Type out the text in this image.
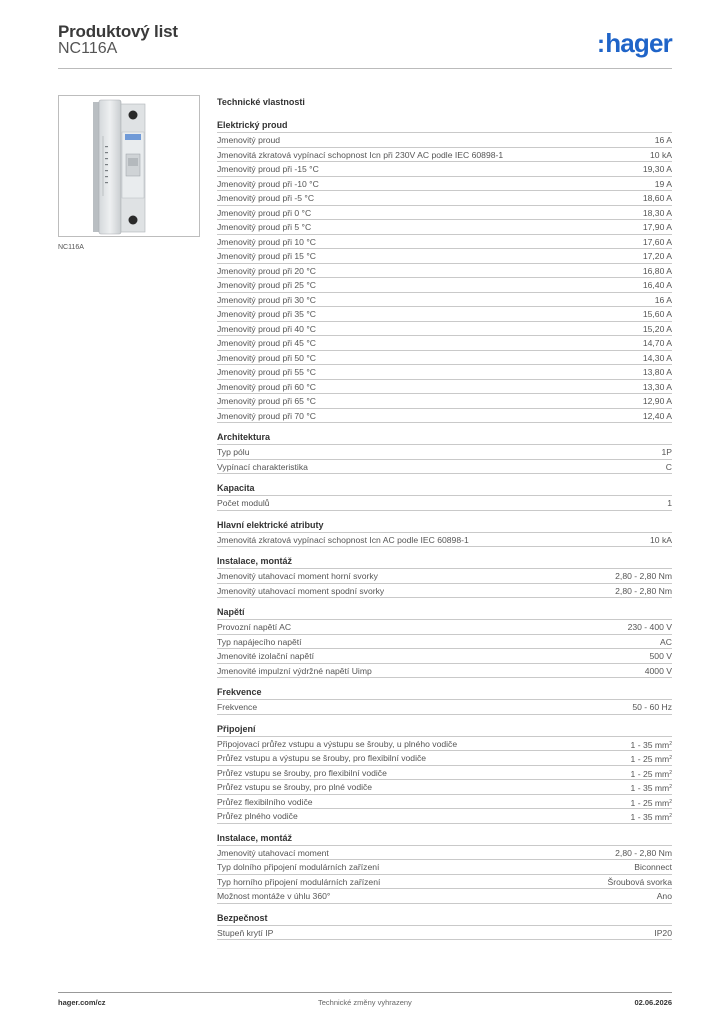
Produktový list
NC116A	:hager
NC116A
Technické vlastnosti
Elektrický proud
Jmenovitý proud	16 A
Jmenovitá zkratová vypínací schopnost Icn při 230V AC podle IEC 60898-1	10 kA
Jmenovitý proud při -15 °C	19,30 A
Jmenovitý proud při -10 °C	19 A
Jmenovitý proud při -5 °C	18,60 A
Jmenovitý proud při 0 °C	18,30 A
Jmenovitý proud při 5 °C	17,90 A
Jmenovitý proud při 10 °C	17,60 A
Jmenovitý proud při 15 °C	17,20 A
Jmenovitý proud při 20 °C	16,80 A
Jmenovitý proud při 25 °C	16,40 A
Jmenovitý proud při 30 °C	16 A
Jmenovitý proud při 35 °C	15,60 A
Jmenovitý proud při 40 °C	15,20 A
Jmenovitý proud při 45 °C	14,70 A
Jmenovitý proud při 50 °C	14,30 A
Jmenovitý proud při 55 °C	13,80 A
Jmenovitý proud při 60 °C	13,30 A
Jmenovitý proud při 65 °C	12,90 A
Jmenovitý proud při 70 °C	12,40 A
Architektura
Typ pólu	1P
Vypínací charakteristika	C
Kapacita
Počet modulů	1
Hlavní elektrické atributy
Jmenovitá zkratová vypínací schopnost Icn AC podle IEC 60898-1	10 kA
Instalace, montáž
Jmenovitý utahovací moment horní svorky	2,80 - 2,80 Nm
Jmenovitý utahovací moment spodní svorky	2,80 - 2,80 Nm
Napětí
Provozní napětí AC	230 - 400 V
Typ napájecího napětí	AC
Jmenovité izolační napětí	500 V
Jmenovité impulzní výdržné napětí Uimp	4000 V
Frekvence
Frekvence	50 - 60 Hz
Připojení
Připojovací průřez vstupu a výstupu se šrouby, u plného vodiče	1 - 35 $mm^2$
Průřez vstupu a výstupu se šrouby, pro flexibilní vodiče	1 - 25 $mm^2$
Průřez vstupu se šrouby, pro flexibilní vodiče	1 - 25 $mm^2$
Průřez vstupu se šrouby, pro plné vodiče	1 - 35 $mm^2$
Průřez flexibilního vodiče	1 - 25 $mm^2$
Průřez plného vodiče	1 - 35 $mm^2$
Instalace, montáž
Jmenovitý utahovací moment	2,80 - 2,80 Nm
Typ dolního připojení modulárních zařízení	Biconnect
Typ horního připojení modulárních zařízení	Šroubová svorka
Možnost montáže v úhlu 360°	Ano
Bezpečnost
Stupeň krytí IP	IP20
hager.com/cz	Technické změny vyhrazeny	02.06.2026
